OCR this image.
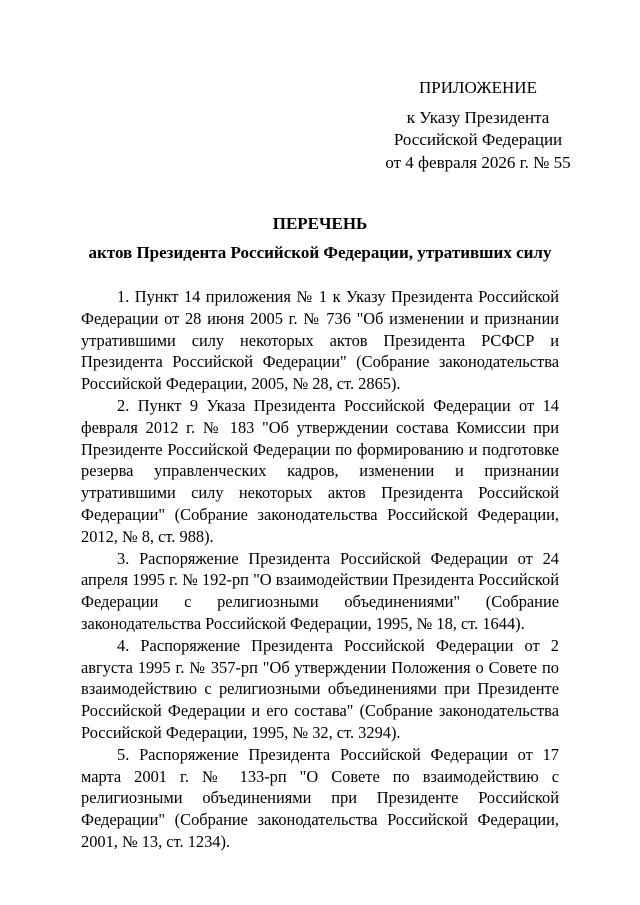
ПРИЛОЖЕНИЕ
к Указу Президента
Российской Федерации
от 4 февраля 2026 г. № 55
ПЕРЕЧЕНЬ
актов Президента Российской Федерации, утративших силу

1. Пункт 14 приложения № 1 к Указу Президента Российской Федерации от 28 июня 2005 г. № 736 "Об изменении и признании утратившими силу некоторых актов Президента РСФСР и Президента Российской Федерации" (Собрание законодательства Российской Федерации, 2005, № 28, ст. 2865).

2. Пункт 9 Указа Президента Российской Федерации от 14 февраля 2012 г. № 183 "Об утверждении состава Комиссии при Президенте Российской Федерации по формированию и подготовке резерва управленческих кадров, изменении и признании утратившими силу некоторых актов Президента Российской Федерации" (Собрание законодательства Российской Федерации, 2012, № 8, ст. 988).

3. Распоряжение Президента Российской Федерации от 24 апреля 1995 г. № 192-рп "О взаимодействии Президента Российской Федерации с религиозными объединениями" (Собрание законодательства Российской Федерации, 1995, № 18, ст. 1644).

4. Распоряжение Президента Российской Федерации от 2 августа 1995 г. № 357-рп "Об утверждении Положения о Совете по взаимодействию с религиозными объединениями при Президенте Российской Федерации и его состава" (Собрание законодательства Российской Федерации, 1995, № 32, ст. 3294).

5. Распоряжение Президента Российской Федерации от 17 марта 2001 г. № 133-рп "О Совете по взаимодействию с религиозными объединениями при Президенте Российской Федерации" (Собрание законодательства Российской Федерации, 2001, № 13, ст. 1234).
